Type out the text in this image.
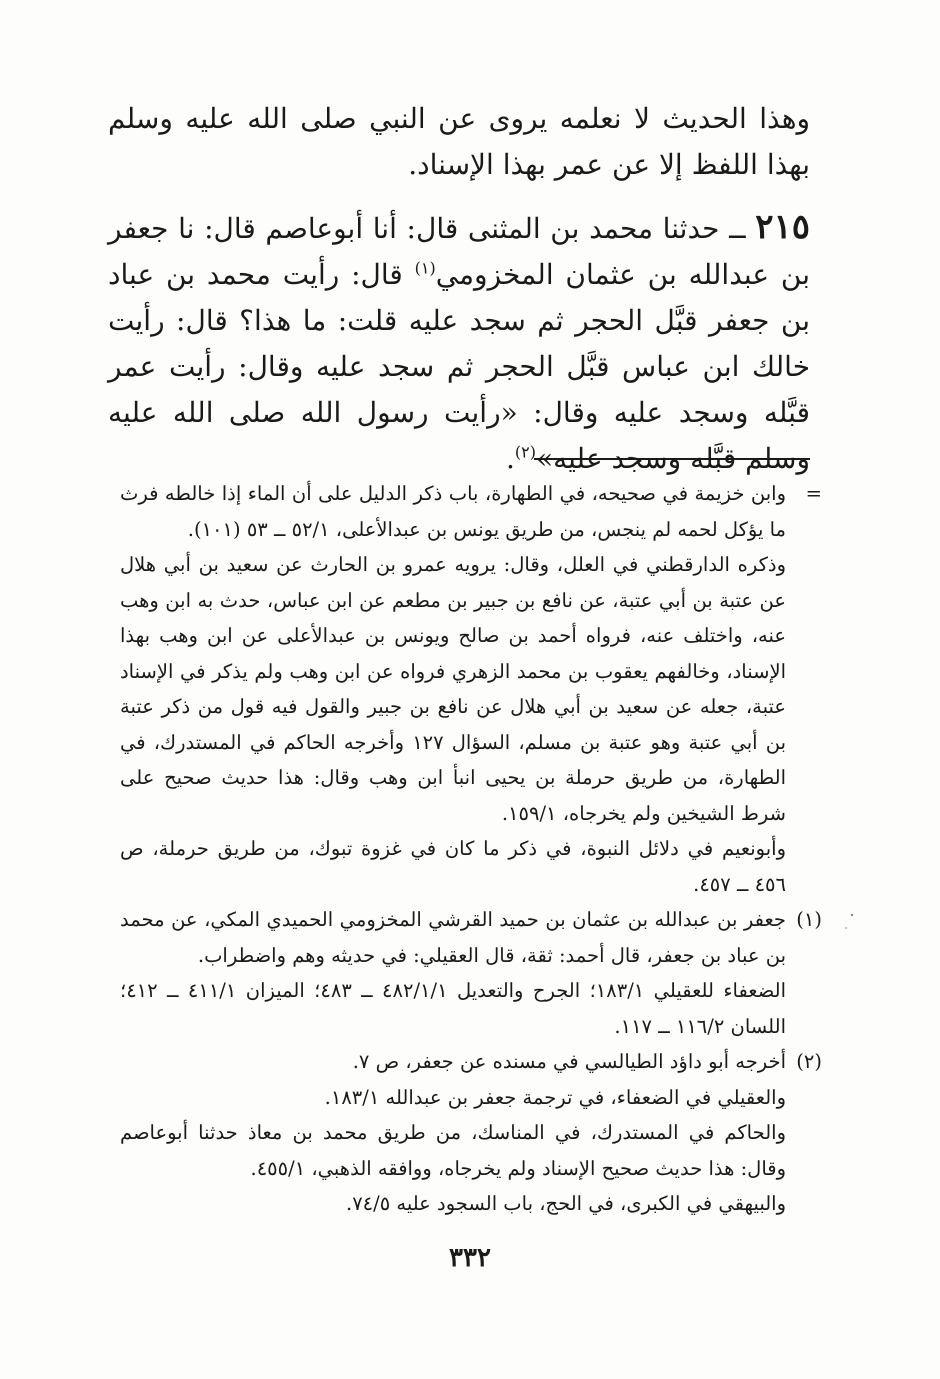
وهذا الحديث لا نعلمه يروى عن النبي صلى الله عليه وسلم بهذا اللفظ إلا عن عمر بهذا الإسناد.

٢١٥ ــ حدثنا محمد بن المثنى قال: أنا أبوعاصم قال: نا جعفر بن عبدالله بن عثمان المخزومي$^{(١)}$ قال: رأيت محمد بن عباد بن جعفر قبَّل الحجر ثم سجد عليه قلت: ما هذا؟ قال: رأيت خالك ابن عباس قبَّل الحجر ثم سجد عليه وقال: رأيت عمر قبَّله وسجد عليه وقال: «رأيت رسول الله صلى الله عليه وسلم قبَّله وسجد عليه»$^{(٢)}$.

=
وابن خزيمة في صحيحه، في الطهارة، باب ذكر الدليل على أن الماء إذا خالطه فرث ما يؤكل لحمه لم ينجس، من طريق يونس بن عبدالأعلى، ٥٢/١ ــ ٥٣ (١٠١).
وذكره الدارقطني في العلل، وقال: يرويه عمرو بن الحارث عن سعيد بن أبي هلال عن عتبة بن أبي عتبة، عن نافع بن جبير بن مطعم عن ابن عباس، حدث به ابن وهب عنه، واختلف عنه، فرواه أحمد بن صالح ويونس بن عبدالأعلى عن ابن وهب بهذا الإسناد، وخالفهم يعقوب بن محمد الزهري فرواه عن ابن وهب ولم يذكر في الإسناد عتبة، جعله عن سعيد بن أبي هلال عن نافع بن جبير والقول فيه قول من ذكر عتبة بن أبي عتبة وهو عتبة بن مسلم، السؤال ١٢٧ وأخرجه الحاكم في المستدرك، في الطهارة، من طريق حرملة بن يحيى انبأ ابن وهب وقال: هذا حديث صحيح على شرط الشيخين ولم يخرجاه، ١٥٩/١.
وأبونعيم في دلائل النبوة، في ذكر ما كان في غزوة تبوك، من طريق حرملة، ص ٤٥٦ ــ ٤٥٧.
(١)
جعفر بن عبدالله بن عثمان بن حميد القرشي المخزومي الحميدي المكي، عن محمد بن عباد بن جعفر، قال أحمد: ثقة، قال العقيلي: في حديثه وهم واضطراب.
الضعفاء للعقيلي ١٨٣/١؛ الجرح والتعديل ٤٨٢/١/١ ــ ٤٨٣؛ الميزان ٤١١/١ ــ ٤١٢؛ اللسان ١١٦/٢ ــ ١١٧.
(٢)
أخرجه أبو داؤد الطيالسي في مسنده عن جعفر، ص ٧.
والعقيلي في الضعفاء، في ترجمة جعفر بن عبدالله ١٨٣/١.
والحاكم في المستدرك، في المناسك، من طريق محمد بن معاذ حدثنا أبوعاصم وقال: هذا حديث صحيح الإسناد ولم يخرجاه، ووافقه الذهبي، ٤٥٥/١.
والبيهقي في الكبرى، في الحج، باب السجود عليه ٧٤/٥.
٣٣٢
